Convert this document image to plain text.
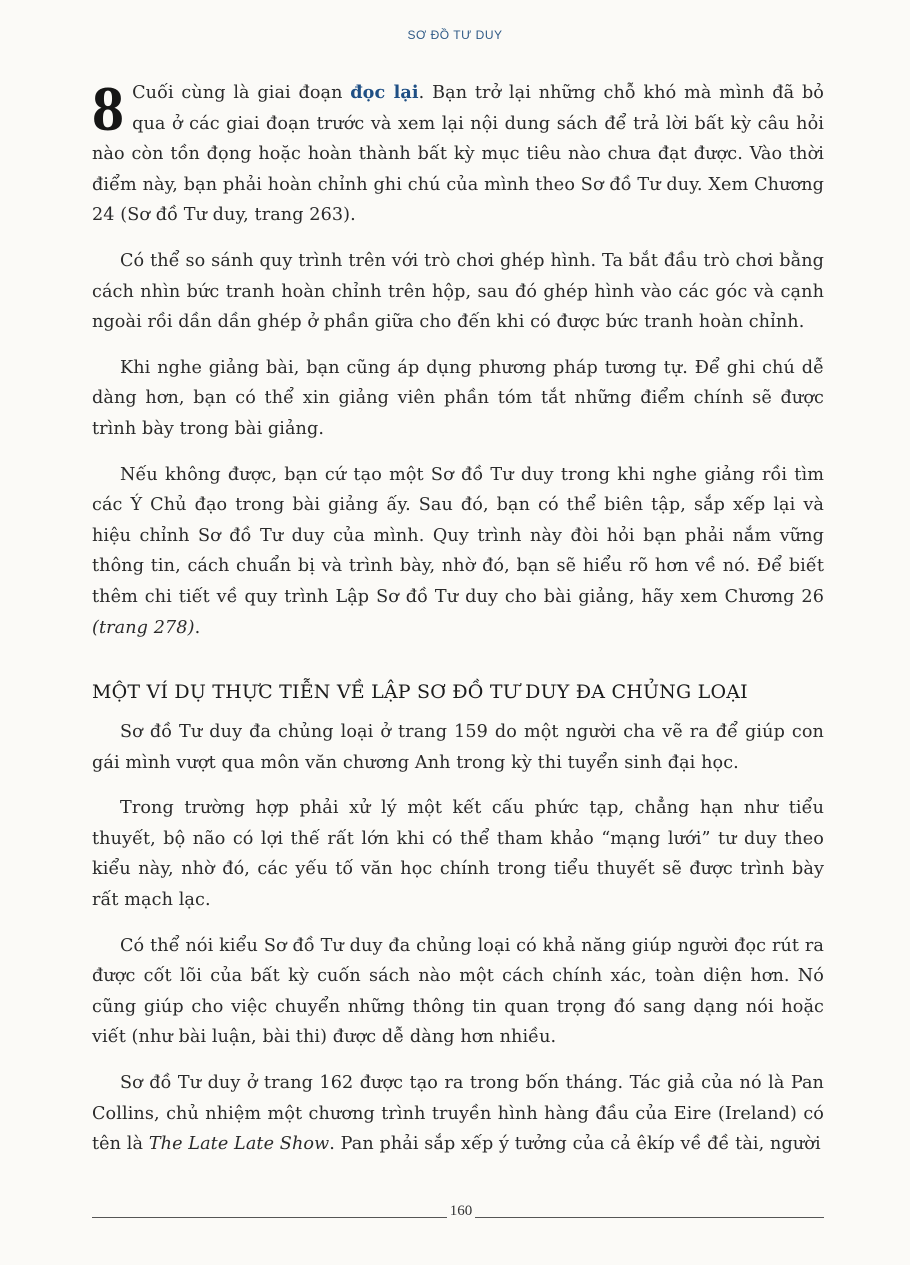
SƠ ĐỒ TƯ DUY

8 Cuối cùng là giai đoạn đọc lại. Bạn trở lại những chỗ khó mà mình đã bỏ qua ở các giai đoạn trước và xem lại nội dung sách để trả lời bất kỳ câu hỏi nào còn tồn đọng hoặc hoàn thành bất kỳ mục tiêu nào chưa đạt được. Vào thời điểm này, bạn phải hoàn chỉnh ghi chú của mình theo Sơ đồ Tư duy. Xem Chương 24 (Sơ đồ Tư duy, trang 263).

Có thể so sánh quy trình trên với trò chơi ghép hình. Ta bắt đầu trò chơi bằng cách nhìn bức tranh hoàn chỉnh trên hộp, sau đó ghép hình vào các góc và cạnh ngoài rồi dần dần ghép ở phần giữa cho đến khi có được bức tranh hoàn chỉnh.

Khi nghe giảng bài, bạn cũng áp dụng phương pháp tương tự. Để ghi chú dễ dàng hơn, bạn có thể xin giảng viên phần tóm tắt những điểm chính sẽ được trình bày trong bài giảng.

Nếu không được, bạn cứ tạo một Sơ đồ Tư duy trong khi nghe giảng rồi tìm các Ý Chủ đạo trong bài giảng ấy. Sau đó, bạn có thể biên tập, sắp xếp lại và hiệu chỉnh Sơ đồ Tư duy của mình. Quy trình này đòi hỏi bạn phải nắm vững thông tin, cách chuẩn bị và trình bày, nhờ đó, bạn sẽ hiểu rõ hơn về nó. Để biết thêm chi tiết về quy trình Lập Sơ đồ Tư duy cho bài giảng, hãy xem Chương 26 (trang 278).

MỘT VÍ DỤ THỰC TIỄN VỀ LẬP SƠ ĐỒ TƯ DUY ĐA CHỦNG LOẠI

Sơ đồ Tư duy đa chủng loại ở trang 159 do một người cha vẽ ra để giúp con gái mình vượt qua môn văn chương Anh trong kỳ thi tuyển sinh đại học.

Trong trường hợp phải xử lý một kết cấu phức tạp, chẳng hạn như tiểu thuyết, bộ não có lợi thế rất lớn khi có thể tham khảo “mạng lưới” tư duy theo kiểu này, nhờ đó, các yếu tố văn học chính trong tiểu thuyết sẽ được trình bày rất mạch lạc.

Có thể nói kiểu Sơ đồ Tư duy đa chủng loại có khả năng giúp người đọc rút ra được cốt lõi của bất kỳ cuốn sách nào một cách chính xác, toàn diện hơn. Nó cũng giúp cho việc chuyển những thông tin quan trọng đó sang dạng nói hoặc viết (như bài luận, bài thi) được dễ dàng hơn nhiều.

Sơ đồ Tư duy ở trang 162 được tạo ra trong bốn tháng. Tác giả của nó là Pan Collins, chủ nhiệm một chương trình truyền hình hàng đầu của Eire (Ireland) có tên là The Late Late Show. Pan phải sắp xếp ý tưởng của cả êkíp về đề tài, người

160
